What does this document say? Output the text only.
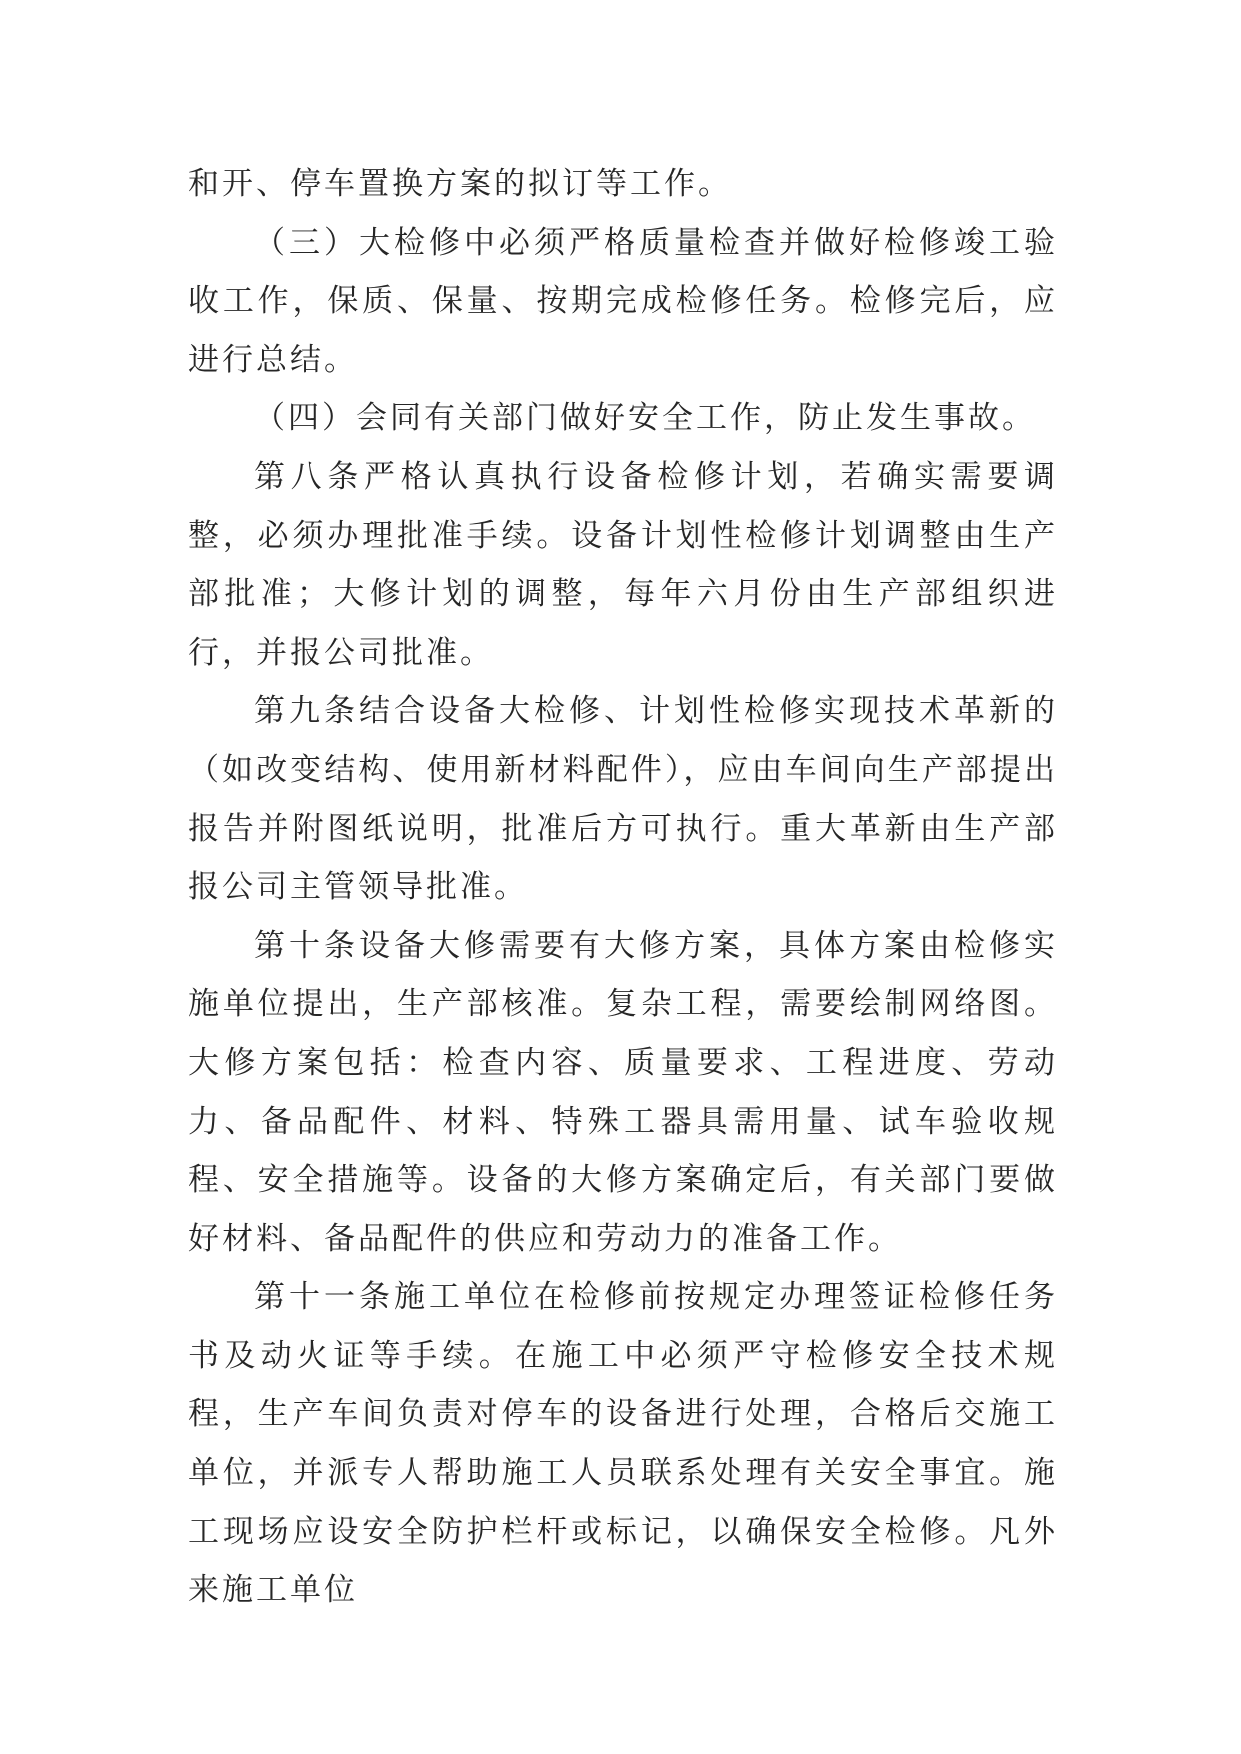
和开、停车置换方案的拟订等工作。

（三）大检修中必须严格质量检查并做好检修竣工验收工作，保质、保量、按期完成检修任务。检修完后，应进行总结。

（四）会同有关部门做好安全工作，防止发生事故。

第八条严格认真执行设备检修计划，若确实需要调整，必须办理批准手续。设备计划性检修计划调整由生产部批准；大修计划的调整，每年六月份由生产部组织进行，并报公司批准。

第九条结合设备大检修、计划性检修实现技术革新的（如改变结构、使用新材料配件），应由车间向生产部提出报告并附图纸说明，批准后方可执行。重大革新由生产部报公司主管领导批准。

第十条设备大修需要有大修方案，具体方案由检修实施单位提出，生产部核准。复杂工程，需要绘制网络图。大修方案包括：检查内容、质量要求、工程进度、劳动力、备品配件、材料、特殊工器具需用量、试车验收规程、安全措施等。设备的大修方案确定后，有关部门要做好材料、备品配件的供应和劳动力的准备工作。

第十一条施工单位在检修前按规定办理签证检修任务书及动火证等手续。在施工中必须严守检修安全技术规程，生产车间负责对停车的设备进行处理，合格后交施工单位，并派专人帮助施工人员联系处理有关安全事宜。施工现场应设安全防护栏杆或标记，以确保安全检修。凡外来施工单位
